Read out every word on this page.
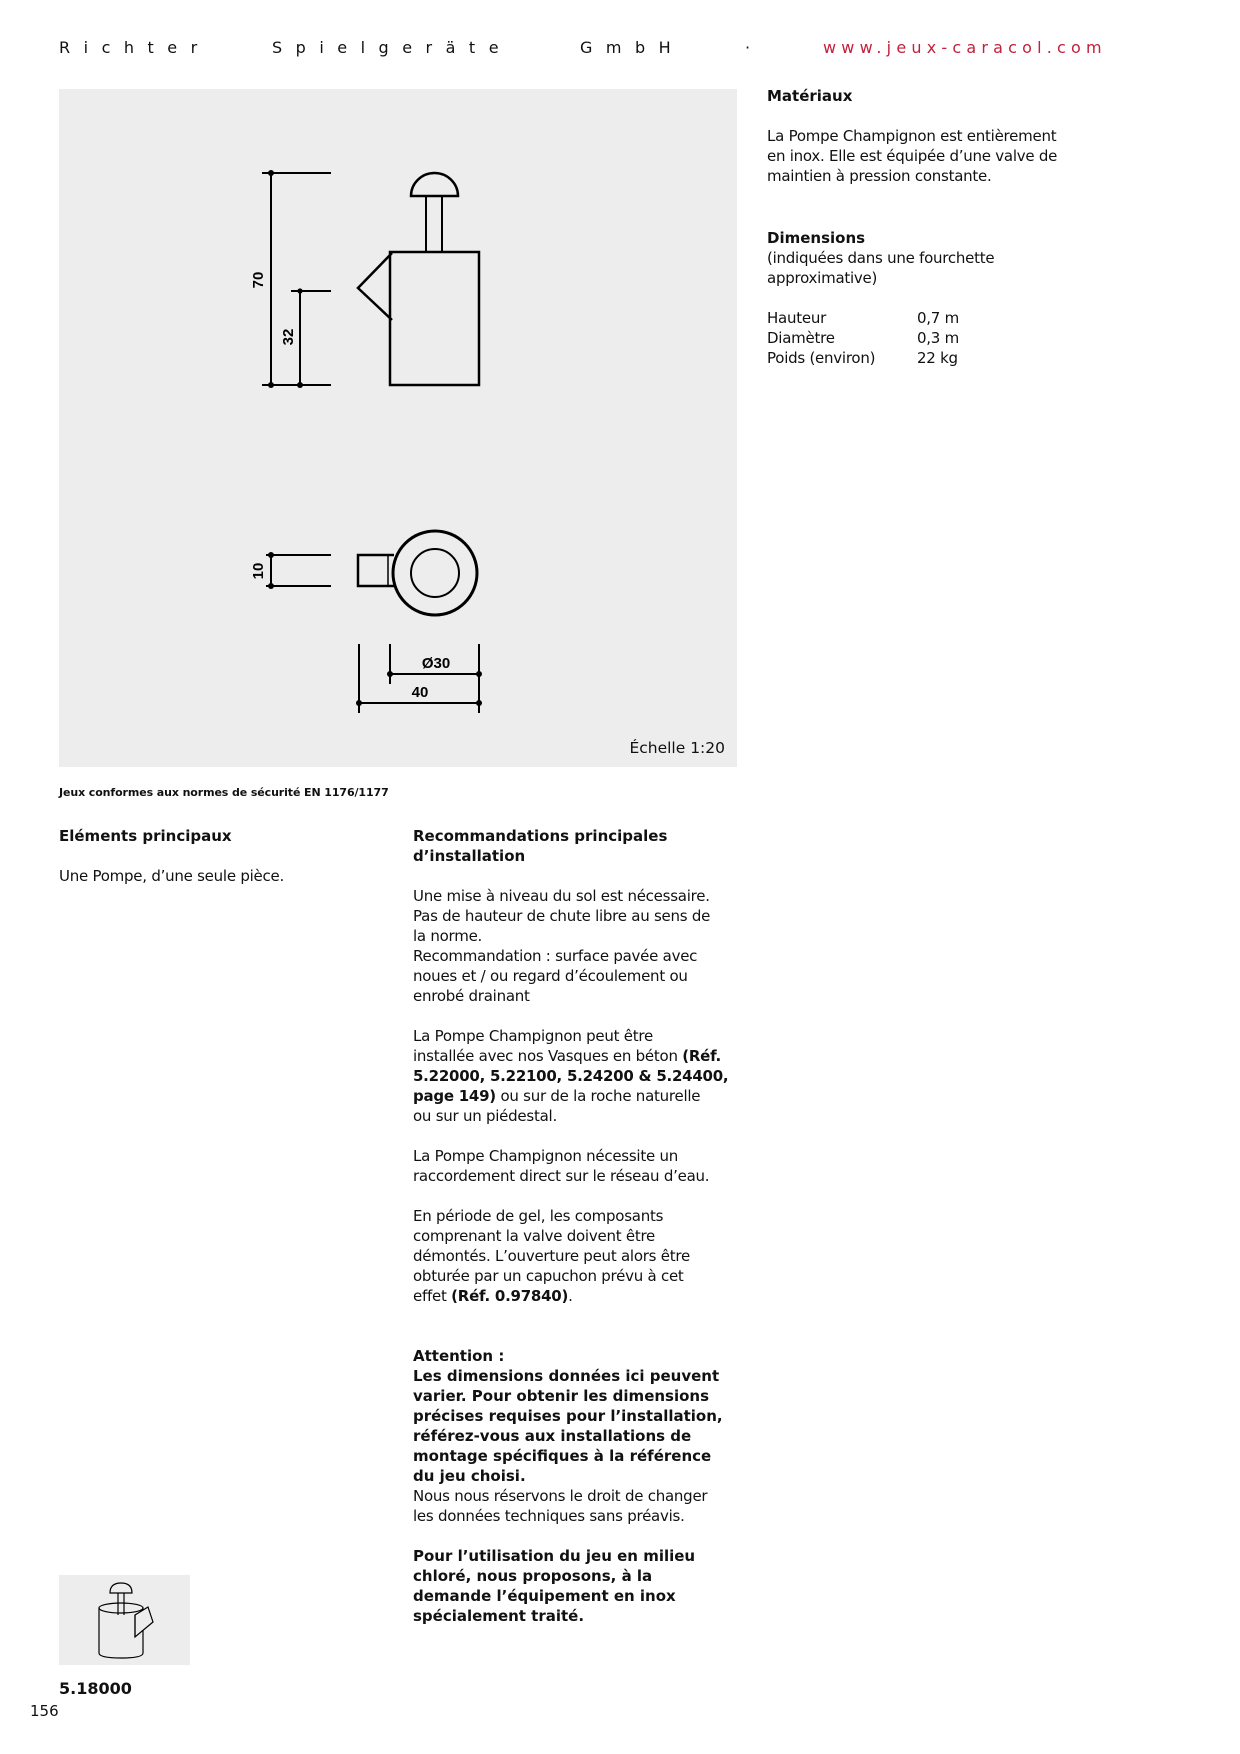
Richter	Spielgeräte	GmbH	·	www.jeux-caracol.com
70
32
10
Ø30
40
Échelle 1:20
Matériaux
La Pompe Champignon est entièrement
en inox. Elle est équipée d’une valve de
maintien à pression constante.
Dimensions
(indiquées dans une fourchette
approximative)
Hauteur	0,7 m
Diamètre	0,3 m
Poids (environ)	22 kg
Jeux conformes aux normes de sécurité EN 1176/1177
Eléments principaux
Une Pompe, d’une seule pièce.
Recommandations principales
d’installation
Une mise à niveau du sol est nécessaire.
Pas de hauteur de chute libre au sens de
la norme.
Recommandation : surface pavée avec
noues et / ou regard d’écoulement ou
enrobé drainant
La Pompe Champignon peut être
installée avec nos Vasques en béton (Réf.
5.22000, 5.22100, 5.24200 & 5.24400,
page 149) ou sur de la roche naturelle
ou sur un piédestal.
La Pompe Champignon nécessite un
raccordement direct sur le réseau d’eau.
En période de gel, les composants
comprenant la valve doivent être
démontés. L’ouverture peut alors être
obturée par un capuchon prévu à cet
effet (Réf. 0.97840).
Attention :
Les dimensions données ici peuvent
varier. Pour obtenir les dimensions
précises requises pour l’installation,
référez-vous aux installations de
montage spécifiques à la référence
du jeu choisi.
Nous nous réservons le droit de changer
les données techniques sans préavis.
Pour l’utilisation du jeu en milieu
chloré, nous proposons, à la
demande l’équipement en inox
spécialement traité.
5.18000
156
